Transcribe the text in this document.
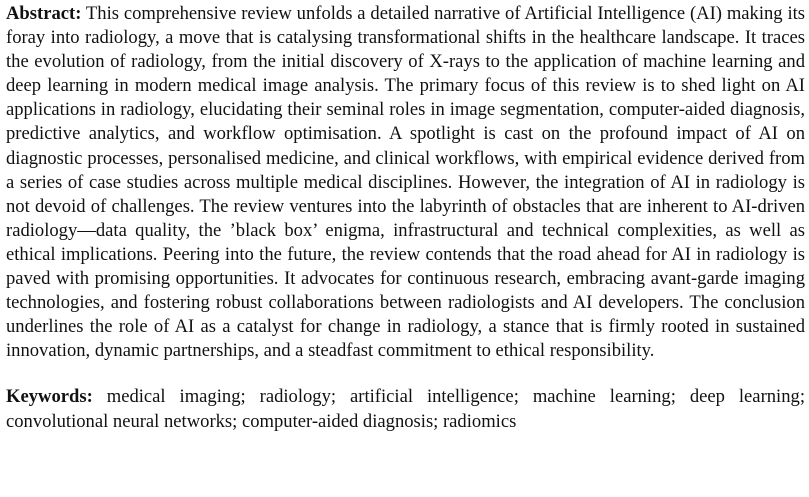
Abstract: This comprehensive review unfolds a detailed narrative of Artificial Intelligence (AI) making its foray into radiology, a move that is catalysing transformational shifts in the healthcare landscape. It traces the evolution of radiology, from the initial discovery of X-rays to the application of machine learning and deep learning in modern medical image analysis. The primary focus of this review is to shed light on AI applications in radiology, elucidating their seminal roles in image segmentation, computer-aided diagnosis, predictive analytics, and workflow optimisation. A spotlight is cast on the profound impact of AI on diagnostic processes, personalised medicine, and clinical workflows, with empirical evidence derived from a series of case studies across multiple medical disciplines. However, the integration of AI in radiology is not devoid of challenges. The review ventures into the labyrinth of obstacles that are inherent to AI-driven radiology—data quality, the ’black box’ enigma, infrastructural and technical complexities, as well as ethical implications. Peering into the future, the review contends that the road ahead for AI in radiology is paved with promising opportunities. It advocates for continuous research, embracing avant-garde imaging technologies, and fostering robust collaborations between radiologists and AI developers. The conclusion underlines the role of AI as a catalyst for change in radiology, a stance that is firmly rooted in sustained innovation, dynamic partnerships, and a steadfast commitment to ethical responsibility.

Keywords: medical imaging; radiology; artificial intelligence; machine learning; deep learning; convolutional neural networks; computer-aided diagnosis; radiomics
